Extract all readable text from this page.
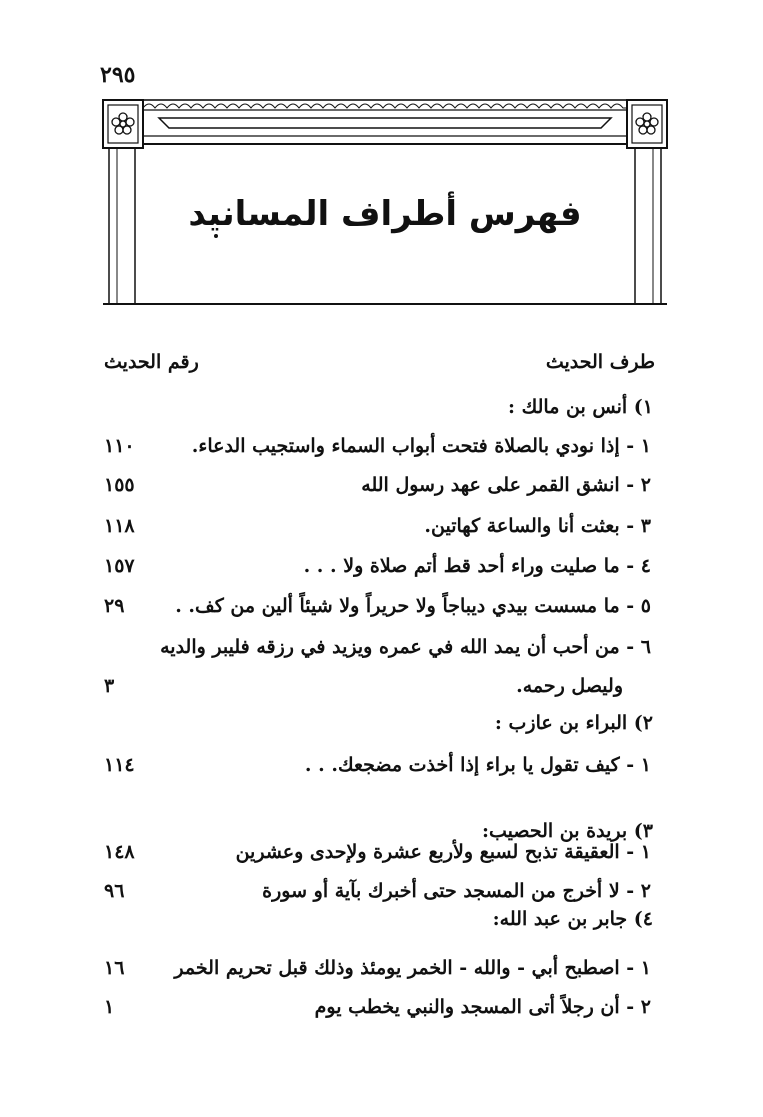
٢٩٥
فهرس أطراف المسانيد
طرف الحديث
رقم الحديث
١) أنس بن مالك :
١ - إذا نودي بالصلاة فتحت أبواب السماء واستجيب الدعاء.
١١٠
٢ - انشق القمر على عهد رسول الله
١٥٥
٣ - بعثت أنا والساعة كهاتين.
١١٨
٤ - ما صليت وراء أحد قط أتم صلاة ولا . . .
١٥٧
٥ - ما مسست بيدي ديباجاً ولا حريراً ولا شيئاً ألين من كف. .
٢٩
٦ - من أحب أن يمد الله في عمره ويزيد في رزقه فليبر والديه
وليصل رحمه.
٣
٢) البراء بن عازب :
١ - كيف تقول يا براء إذا أخذت مضجعك. . .
١١٤
٣) بريدة بن الحصيب:
١ - العقيقة تذبح لسبع ولأربع عشرة ولإحدى وعشرين
١٤٨
٢ - لا أخرج من المسجد حتى أخبرك بآية أو سورة
٩٦
٤) جابر بن عبد الله:
١ - اصطبح أبي - والله - الخمر يومئذ وذلك قبل تحريم الخمر
١٦
٢ - أن رجلاً أتى المسجد والنبي يخطب يوم
١
